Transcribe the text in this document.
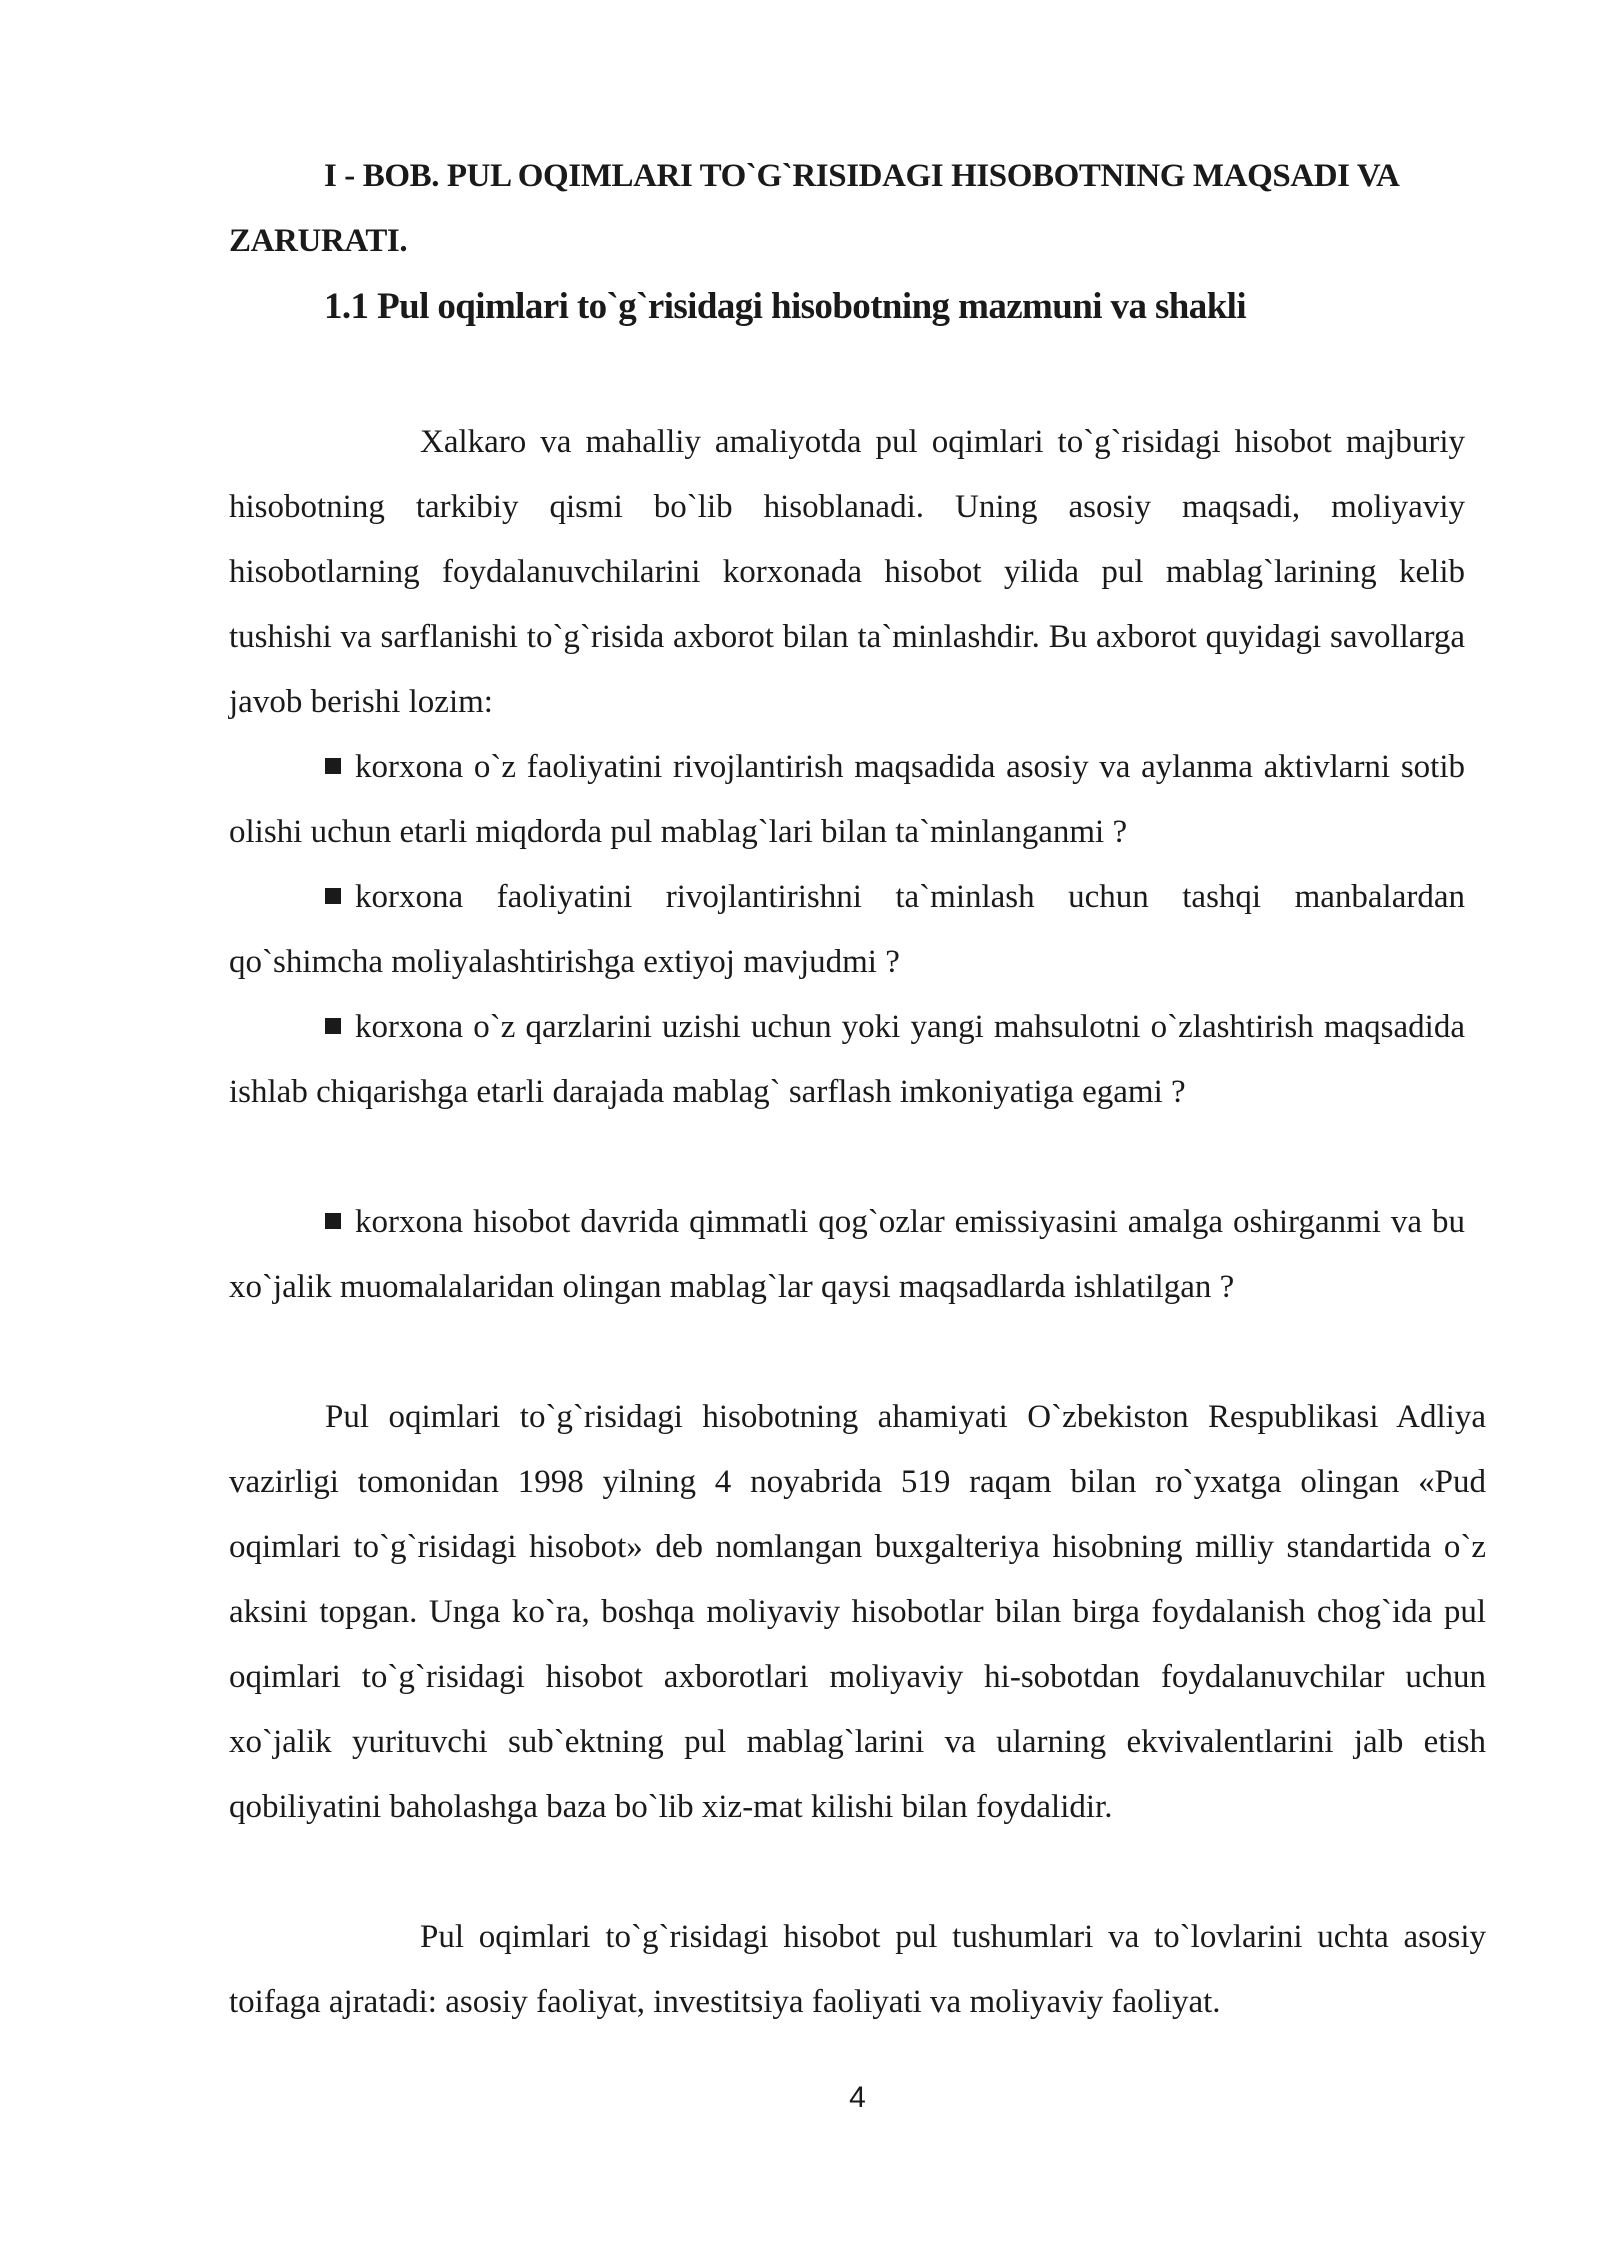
I - BOB. PUL OQIMLARI TO`G`RISIDAGI HISOBOTNING MAQSADI VA ZARURATI.
1.1 Pul oqimlari to`g`risidagi hisobotning mazmuni va shakli

Xalkaro va mahalliy amaliyotda pul oqimlari to`g`risidagi hisobot majburiy hisobotning tarkibiy qismi bo`lib hisoblanadi. Uning asosiy maqsadi, moliyaviy hisobotlarning foydalanuvchilarini korxonada hisobot yilida pul mablag`larining kelib tushishi va sarflanishi to`g`risida axborot bilan ta`minlashdir. Bu axborot quyidagi savollarga javob berishi lozim:

korxona o`z faoliyatini rivojlantirish maqsadida asosiy va aylanma aktivlarni sotib olishi uchun etarli miqdorda pul mablag`lari bilan ta`minlanganmi ?

korxona faoliyatini rivojlantirishni ta`minlash uchun tashqi manbalardan qo`shimcha moliyalashtirishga extiyoj mavjudmi ?

korxona o`z qarzlarini uzishi uchun yoki yangi mahsulotni o`zlashtirish maqsadida ishlab chiqarishga etarli darajada mablag` sarflash imkoniyatiga egami ?

korxona hisobot davrida qimmatli qog`ozlar emissiyasini amalga oshirganmi va bu xo`jalik muomalalaridan olingan mablag`lar qaysi maqsadlarda ishlatilgan ?

Pul oqimlari to`g`risidagi hisobotning ahamiyati O`zbekiston Respublikasi Adliya vazirligi tomonidan 1998 yilning 4 noyabrida 519 raqam bilan ro`yxatga olingan «Pud oqimlari to`g`risidagi hisobot» deb nomlangan buxgalteriya hisobning milliy standartida o`z aksini topgan. Unga ko`ra, boshqa moliyaviy hisobotlar bilan birga foydalanish chog`ida pul oqimlari to`g`risidagi hisobot axborotlari moliyaviy hi-sobotdan foydalanuvchilar uchun xo`jalik yurituvchi sub`ektning pul mablag`larini va ularning ekvivalentlarini jalb etish qobiliyatini baholashga baza bo`lib xiz-mat kilishi bilan foydalidir.

Pul oqimlari to`g`risidagi hisobot pul tushumlari va to`lovlarini uchta asosiy toifaga ajratadi: asosiy faoliyat, investitsiya faoliyati va moliyaviy faoliyat.

4
